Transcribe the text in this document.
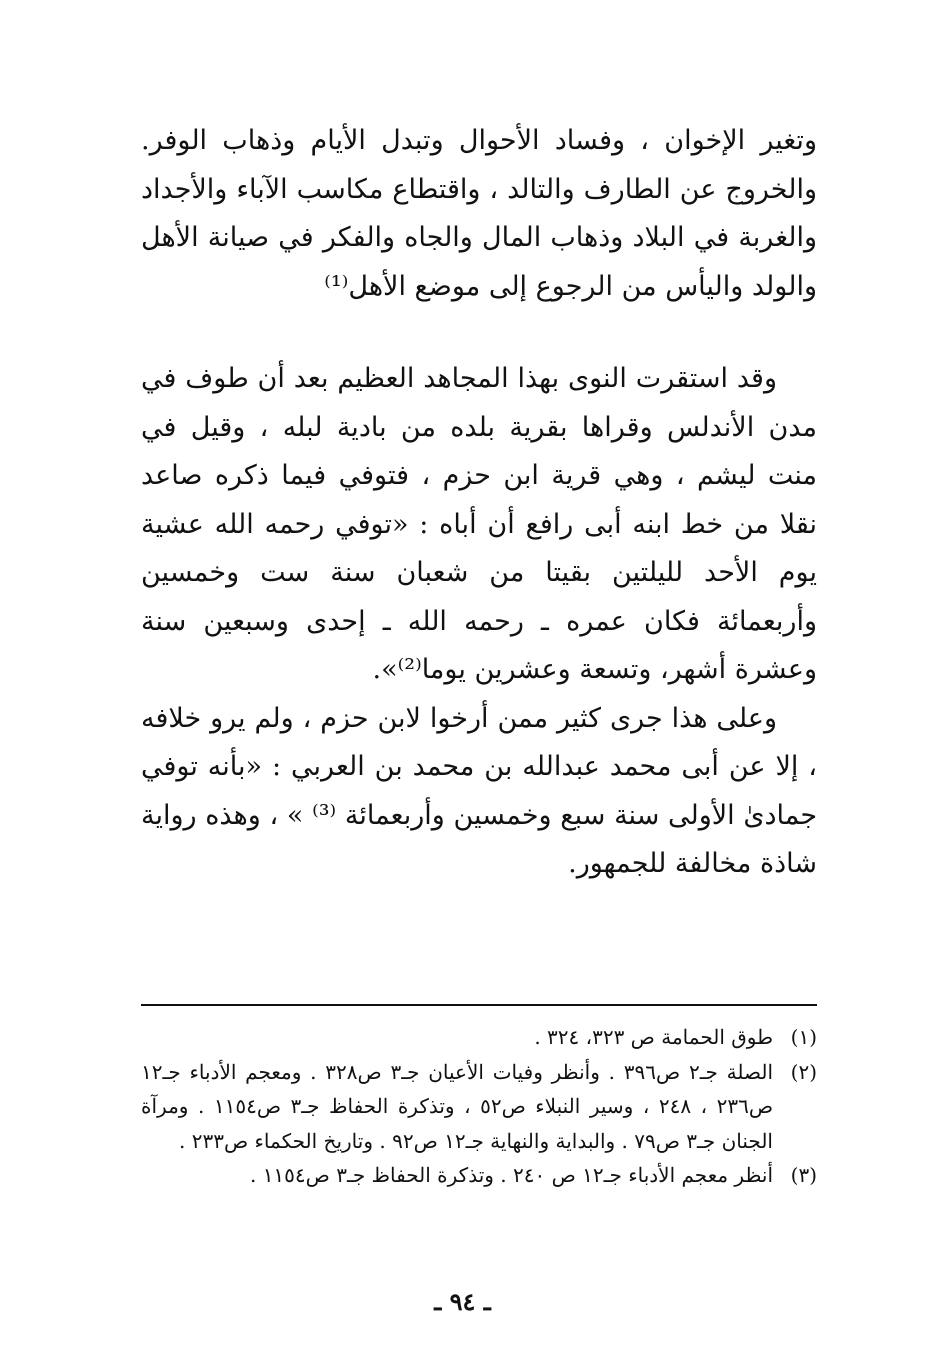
وتغير الإخوان ، وفساد الأحوال وتبدل الأيام وذهاب الوفر. والخروج عن الطارف والتالد ، واقتطاع مكاسب الآباء والأجداد والغربة في البلاد وذهاب المال والجاه والفكر في صيانة الأهل والولد واليأس من الرجوع إلى موضع الأهل⁽¹⁾

وقد استقرت النوى بهذا المجاهد العظيم بعد أن طوف في مدن الأندلس وقراها بقرية بلده من بادية لبله ، وقيل في منت ليشم ، وهي قرية ابن حزم ، فتوفي فيما ذكره صاعد نقلا من خط ابنه أبى رافع أن أباه : «توفي رحمه الله عشية يوم الأحد لليلتين بقيتا من شعبان سنة ست وخمسين وأربعمائة فكان عمره ـ رحمه الله ـ إحدى وسبعين سنة وعشرة أشهر، وتسعة وعشرين يوما⁽²⁾».

وعلى هذا جرى كثير ممن أرخوا لابن حزم ، ولم يرو خلافه ، إلا عن أبى محمد عبدالله بن محمد بن العربي : «بأنه توفي جمادىٰ الأولى سنة سبع وخمسين وأربعمائة ⁽³⁾ » ، وهذه رواية شاذة مخالفة للجمهور.

(١)
طوق الحمامة ص ٣٢٣، ٣٢٤ .
(٢)
الصلة جـ٢ ص٣٩٦ . وأنظر وفيات الأعيان جـ٣ ص٣٢٨ . ومعجم الأدباء جـ١٢ ص٢٣٦ ، ٢٤٨ ، وسير النبلاء ص٥٢ ، وتذكرة الحفاظ جـ٣ ص١١٥٤ . ومرآة الجنان جـ٣ ص٧٩ . والبداية والنهاية جـ١٢ ص٩٢ . وتاريخ الحكماء ص٢٣٣ .
(٣)
أنظر معجم الأدباء جـ١٢ ص ٢٤٠ . وتذكرة الحفاظ جـ٣ ص١١٥٤ .
ـ ٩٤ ـ
